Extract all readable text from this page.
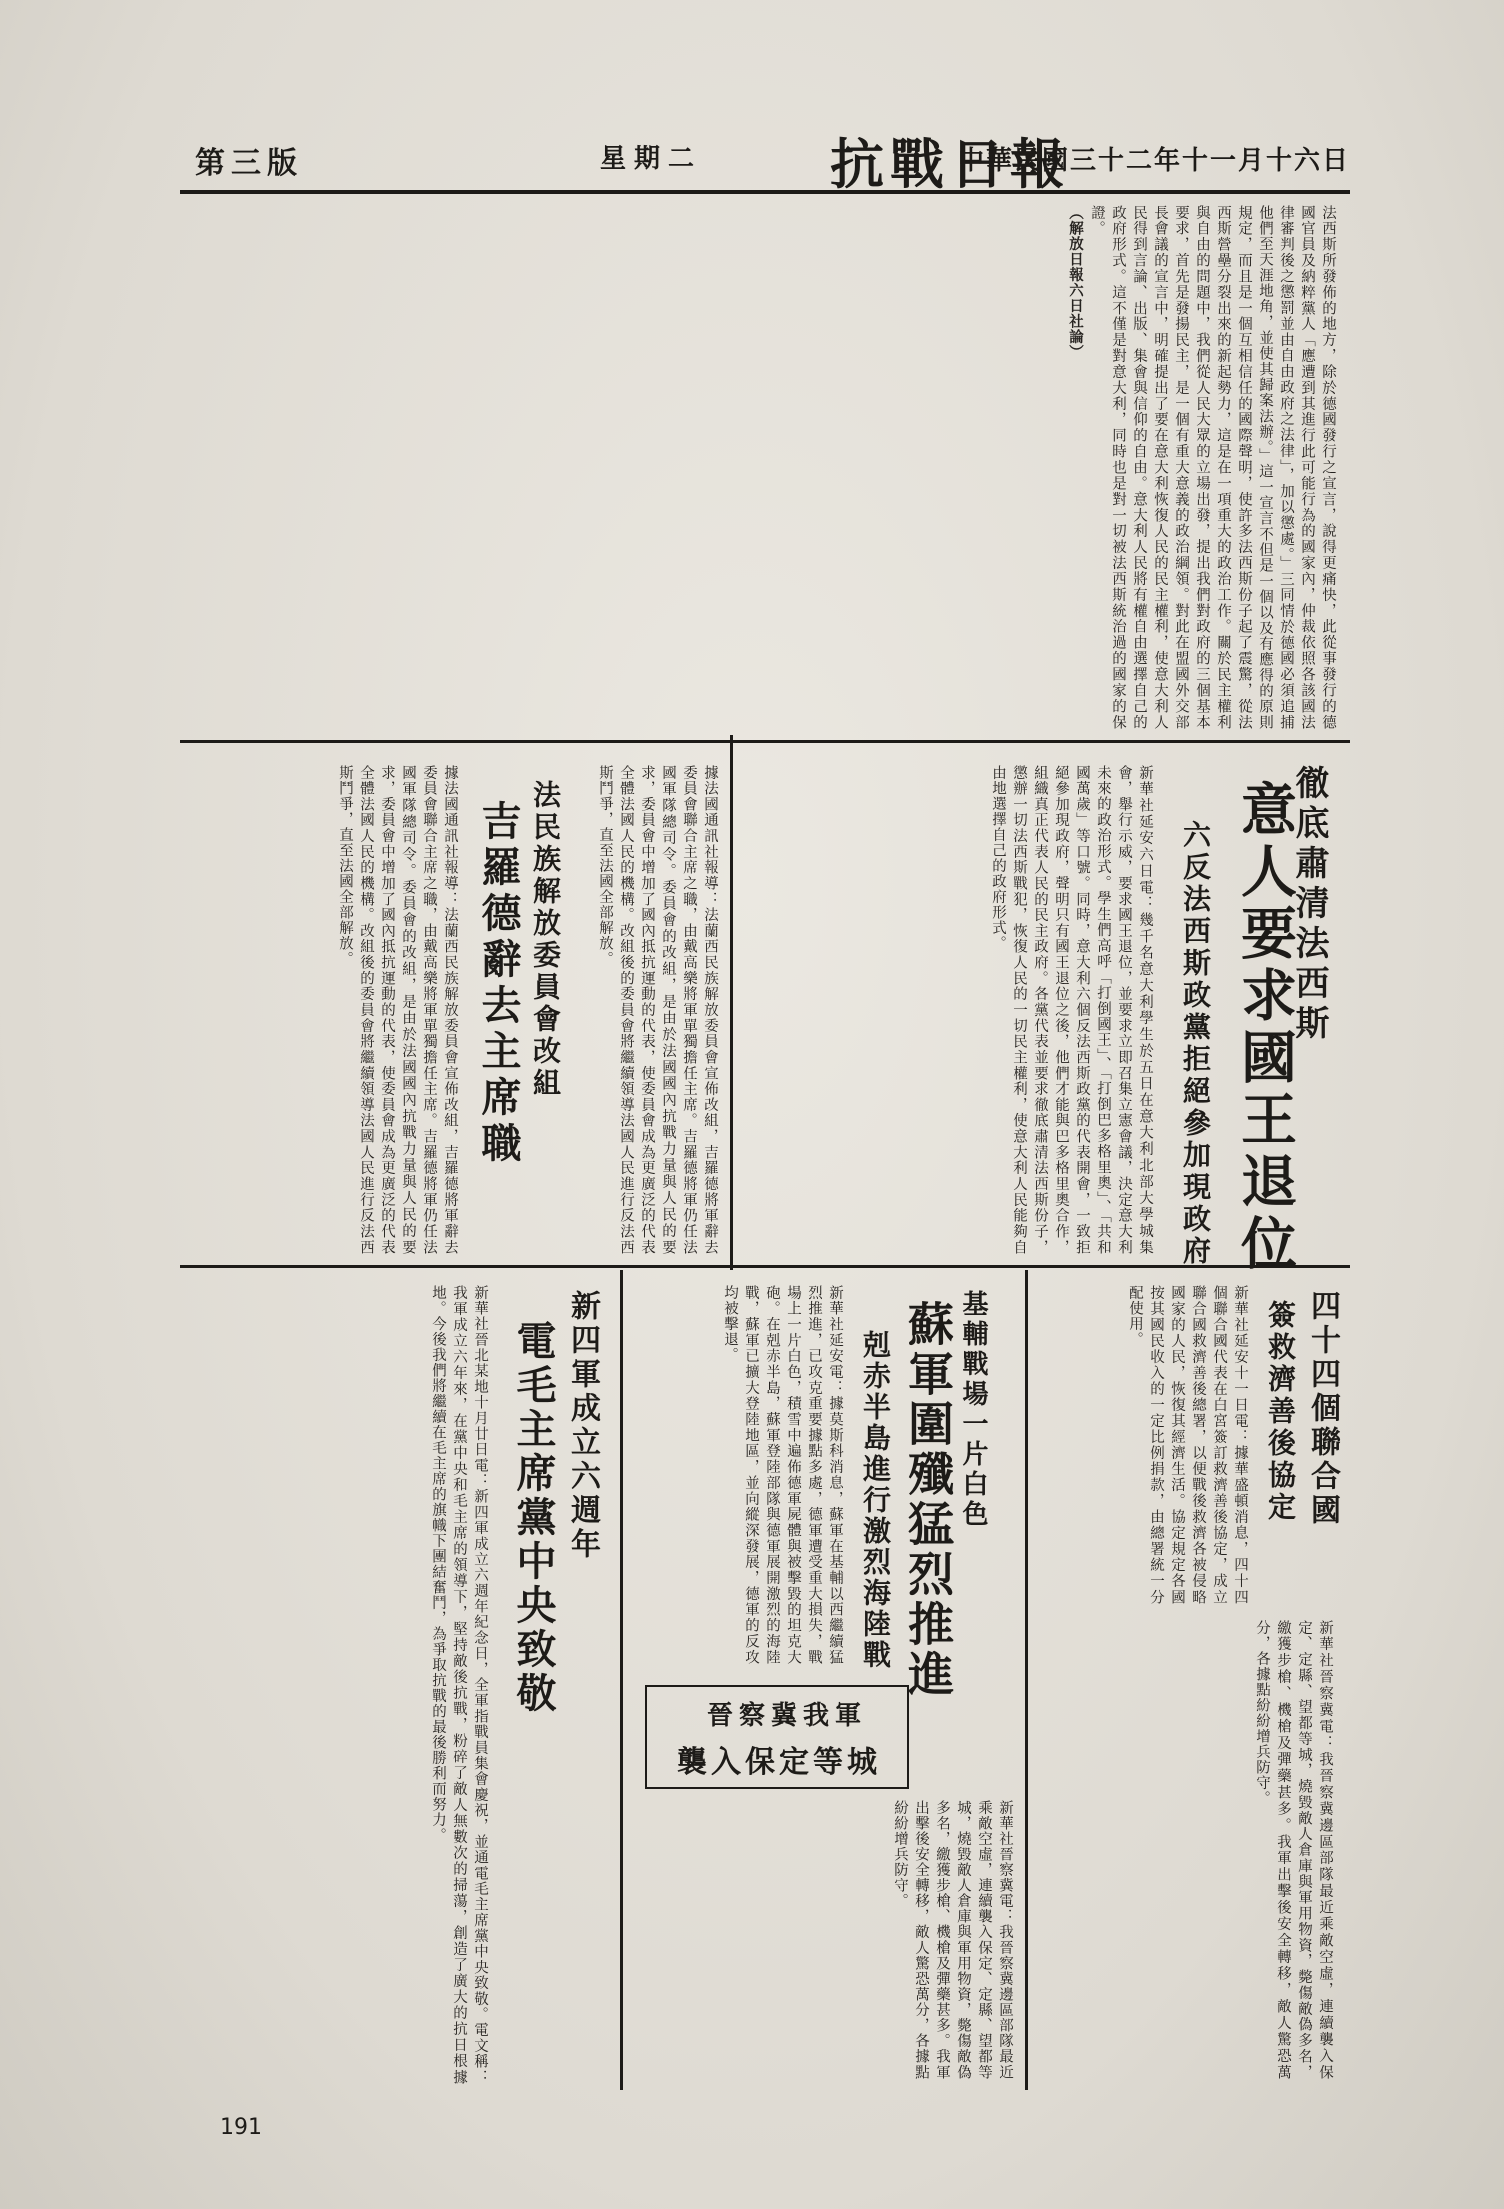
第三版	星期二 抗戰日報
中華民國三十二年十一月十六日
法西斯所發佈的地方，除於德國發行之宣言，說得更痛快，此從事發行的德國官員及納粹黨人「應遭到其進行此可能行為的國家內，仲裁依照各該國法律審判後之懲罰並由自由政府之法律」，加以懲處。」三同情於德國必須追捕他們至天涯地角，並使其歸案法辦。」這一宣言不但是一個以及有應得的原則規定，而且是一個互相信任的國際聲明，使許多法西斯份子起了震驚，從法西斯營壘分裂出來的新起勢力，這是在一項重大的政治工作。關於民主權利與自由的問題中，我們從人民大眾的立場出發，提出我們對政府的三個基本要求，首先是發揚民主，是一個有重大意義的政治綱領。對此在盟國外交部長會議的宣言中，明確提出了要在意大利恢復人民的民主權利，使意大利人民得到言論、出版、集會與信仰的自由。意大利人民將有權自由選擇自己的政府形式。這不僅是對意大利，同時也是對一切被法西斯統治過的國家的保證。
（解放日報六日社論）
徹底肅清法西斯
意人要求國王退位
六反法西斯政黨拒絕參加現政府
新華社延安六日電：幾千名意大利學生於五日在意大利北部大學城集會，舉行示威，要求國王退位，並要求立即召集立憲會議，決定意大利未來的政治形式。學生們高呼「打倒國王」、「打倒巴多格里奧」、「共和國萬歲」等口號。同時，意大利六個反法西斯政黨的代表開會，一致拒絕參加現政府，聲明只有國王退位之後，他們才能與巴多格里奧合作，組織真正代表人民的民主政府。各黨代表並要求徹底肅清法西斯份子，懲辦一切法西斯戰犯，恢復人民的一切民主權利，使意大利人民能夠自由地選擇自己的政府形式。
吉羅德辭去主席職 法民族解放委員會改組
據法國通訊社報導：法蘭西民族解放委員會宣佈改組，吉羅德將軍辭去委員會聯合主席之職，由戴高樂將軍單獨擔任主席。吉羅德將軍仍任法國軍隊總司令。委員會的改組，是由於法國國內抗戰力量與人民的要求，委員會中增加了國內抵抗運動的代表，使委員會成為更廣泛的代表全體法國人民的機構。改組後的委員會將繼續領導法國人民進行反法西斯鬥爭，直至法國全部解放。	據法國通訊社報導：法蘭西民族解放委員會宣佈改組，吉羅德將軍辭去委員會聯合主席之職，由戴高樂將軍單獨擔任主席。吉羅德將軍仍任法國軍隊總司令。委員會的改組，是由於法國國內抗戰力量與人民的要求，委員會中增加了國內抵抗運動的代表，使委員會成為更廣泛的代表全體法國人民的機構。改組後的委員會將繼續領導法國人民進行反法西斯鬥爭，直至法國全部解放。
四十四個聯合國
簽救濟善後協定
新華社延安十一日電：據華盛頓消息，四十四個聯合國代表在白宮簽訂救濟善後協定，成立聯合國救濟善後總署，以便戰後救濟各被侵略國家的人民，恢復其經濟生活。協定規定各國按其國民收入的一定比例捐款，由總署統一分配使用。
基輔戰場一片白色
蘇軍圍殲猛烈推進
剋赤半島進行激烈海陸戰
新華社延安電：據莫斯科消息，蘇軍在基輔以西繼續猛烈推進，已攻克重要據點多處，德軍遭受重大損失，戰場上一片白色，積雪中遍佈德軍屍體與被擊毀的坦克大砲。在剋赤半島，蘇軍登陸部隊與德軍展開激烈的海陸戰，蘇軍已擴大登陸地區，並向縱深發展，德軍的反攻均被擊退。
晉察冀我軍
襲入保定等城	新華社晉察冀電：我晉察冀邊區部隊最近乘敵空虛，連續襲入保定、定縣、望都等城，燒毀敵人倉庫與軍用物資，斃傷敵偽多名，繳獲步槍、機槍及彈藥甚多。我軍出擊後安全轉移，敵人驚恐萬分，各據點紛紛增兵防守。
新華社晉察冀電：我晉察冀邊區部隊最近乘敵空虛，連續襲入保定、定縣、望都等城，燒毀敵人倉庫與軍用物資，斃傷敵偽多名，繳獲步槍、機槍及彈藥甚多。我軍出擊後安全轉移，敵人驚恐萬分，各據點紛紛增兵防守。
新四軍成立六週年
電毛主席黨中央致敬
新華社晉北某地十月廿日電：新四軍成立六週年紀念日，全軍指戰員集會慶祝，並通電毛主席黨中央致敬。電文稱：我軍成立六年來，在黨中央和毛主席的領導下，堅持敵後抗戰，粉碎了敵人無數次的掃蕩，創造了廣大的抗日根據地。今後我們將繼續在毛主席的旗幟下團結奮鬥，為爭取抗戰的最後勝利而努力。
191
